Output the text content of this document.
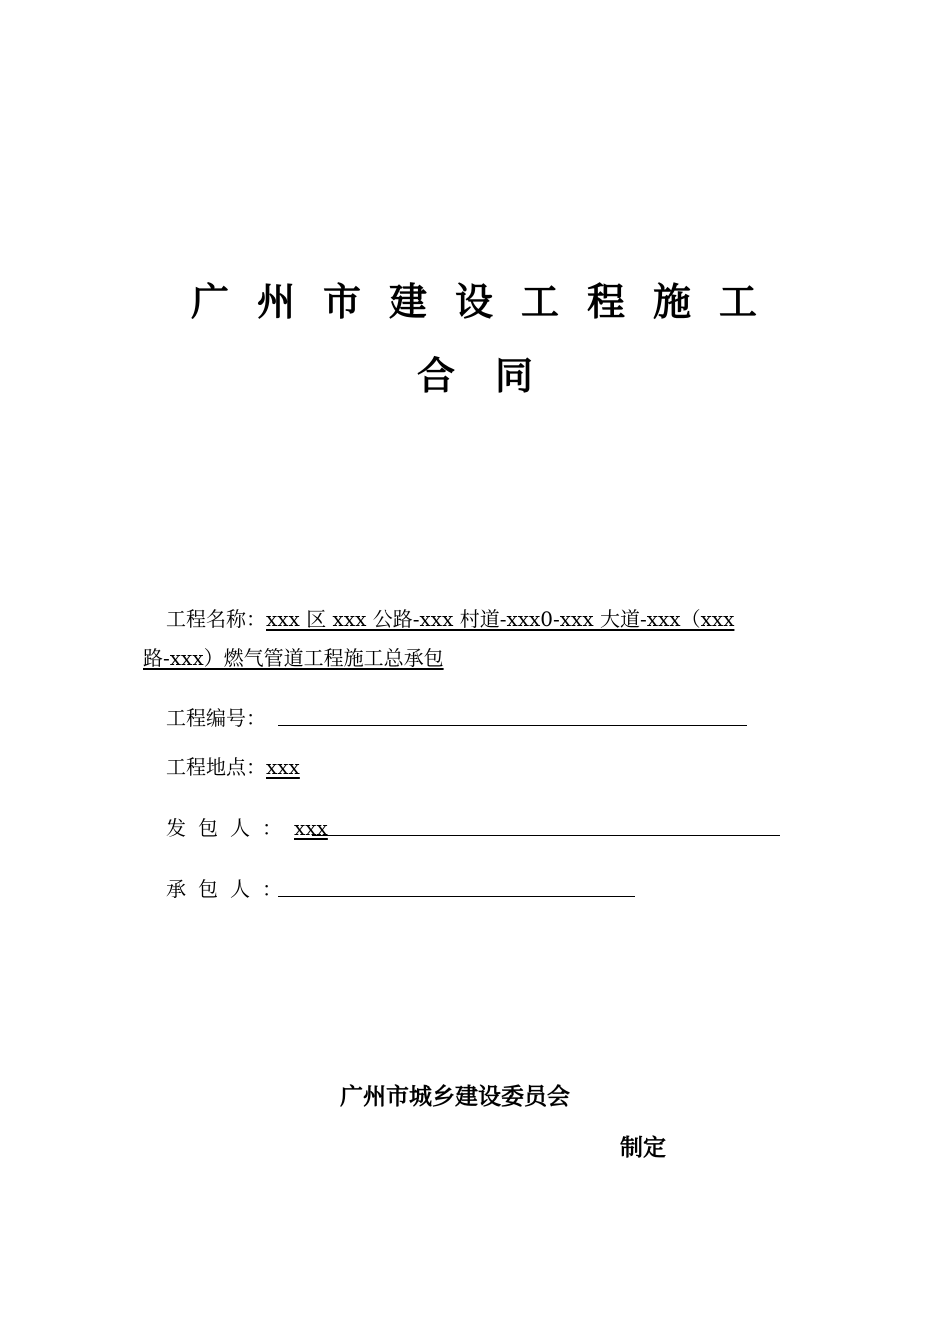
广州市建设工程施工
合同
工程名称：xxx 区 xxx 公路-xxx 村道-xxx0-xxx 大道-xxx（xxx
路-xxx）燃气管道工程施工总承包
工程编号：
工程地点：xxx
发包人：xxx
承包人：
广州市城乡建设委员会
制定
